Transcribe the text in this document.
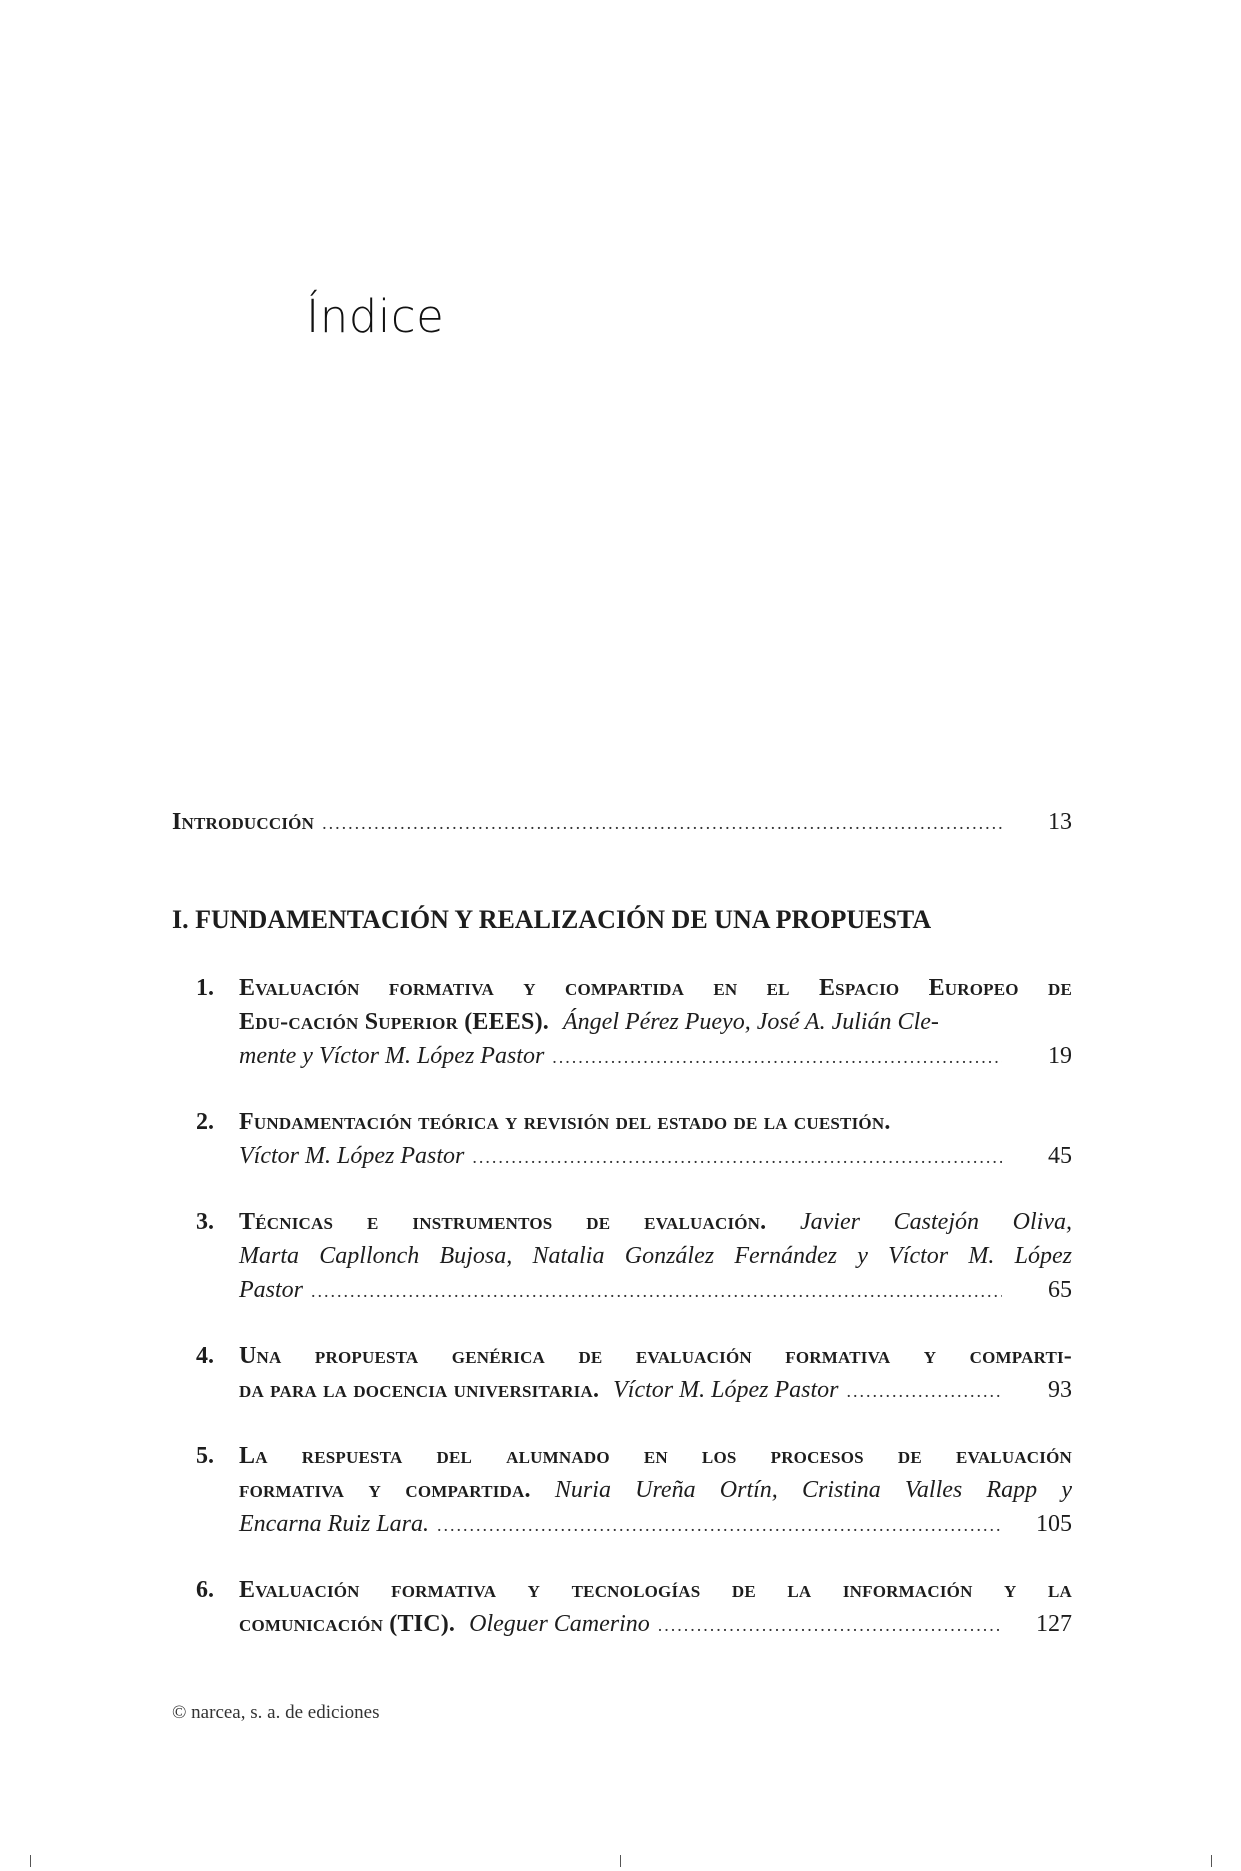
Índice
Introducción .....	13
I. FUNDAMENTACIÓN Y REALIZACIÓN DE UNA PROPUESTA
1. Evaluación formativa y compartida en el Espacio Europeo de
Edu-cación Superior (EEES). Ángel Pérez Pueyo, José A. Julián Cle-
mente y Víctor M. López Pastor .....	19
2. Fundamentación teórica y revisión del estado de la cuestión.
Víctor M. López Pastor .....	45
3. Técnicas e instrumentos de evaluación. Javier Castejón Oliva,
Marta Capllonch Bujosa, Natalia González Fernández y Víctor M. López
Pastor .....	65
4. Una propuesta genérica de evaluación formativa y comparti-
da para la docencia universitaria. Víctor M. López Pastor .....	93
5. La respuesta del alumnado en los procesos de evaluación
formativa y compartida. Nuria Ureña Ortín, Cristina Valles Rapp y
Encarna Ruiz Lara. .....	105
6. Evaluación formativa y tecnologías de la información y la
comunicación (TIC). Oleguer Camerino .....	127
© narcea, s. a. de ediciones
